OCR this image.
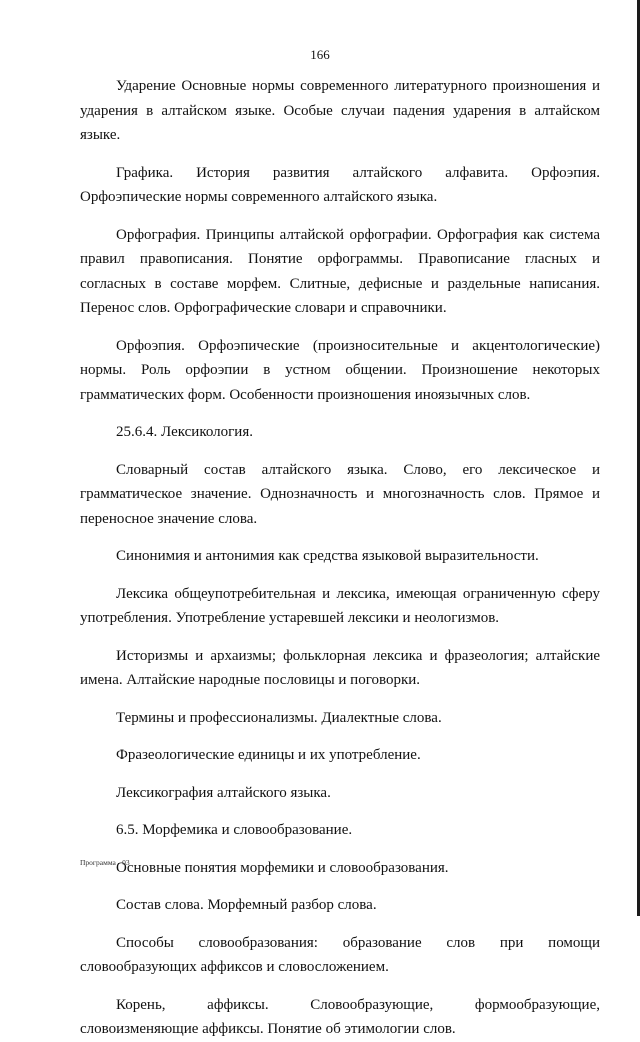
166

Ударение Основные нормы современного литературного произношения и ударения в алтайском языке. Особые случаи падения ударения в алтайском языке.

Графика. История развития алтайского алфавита. Орфоэпия. Орфоэпические нормы современного алтайского языка.

Орфография. Принципы алтайской орфографии. Орфография как система правил правописания. Понятие орфограммы. Правописание гласных и согласных в составе морфем. Слитные, дефисные и раздельные написания. Перенос слов. Орфографические словари и справочники.

Орфоэпия. Орфоэпические (произносительные и акцентологические) нормы. Роль орфоэпии в устном общении. Произношение некоторых грамматических форм. Особенности произношения иноязычных слов.

25.6.4. Лексикология.

Словарный состав алтайского языка. Слово, его лексическое и грамматическое значение. Однозначность и многозначность слов. Прямое и переносное значение слова.

Синонимия и антонимия как средства языковой выразительности.

Лексика общеупотребительная и лексика, имеющая ограниченную сферу употребления. Употребление устаревшей лексики и неологизмов.

Историзмы и архаизмы; фольклорная лексика и фразеология; алтайские имена. Алтайские народные пословицы и поговорки.

Термины и профессионализмы. Диалектные слова.

Фразеологические единицы и их употребление.

Лексикография алтайского языка.

6.5. Морфемика и словообразование.

Основные понятия морфемики и словообразования.

Состав слова. Морфемный разбор слова.

Способы словообразования: образование слов при помощи словообразующих аффиксов и словосложением.

Корень, аффиксы. Словообразующие, формообразующие, словоизменяющие аффиксы. Понятие об этимологии слов.

Программа - 03
